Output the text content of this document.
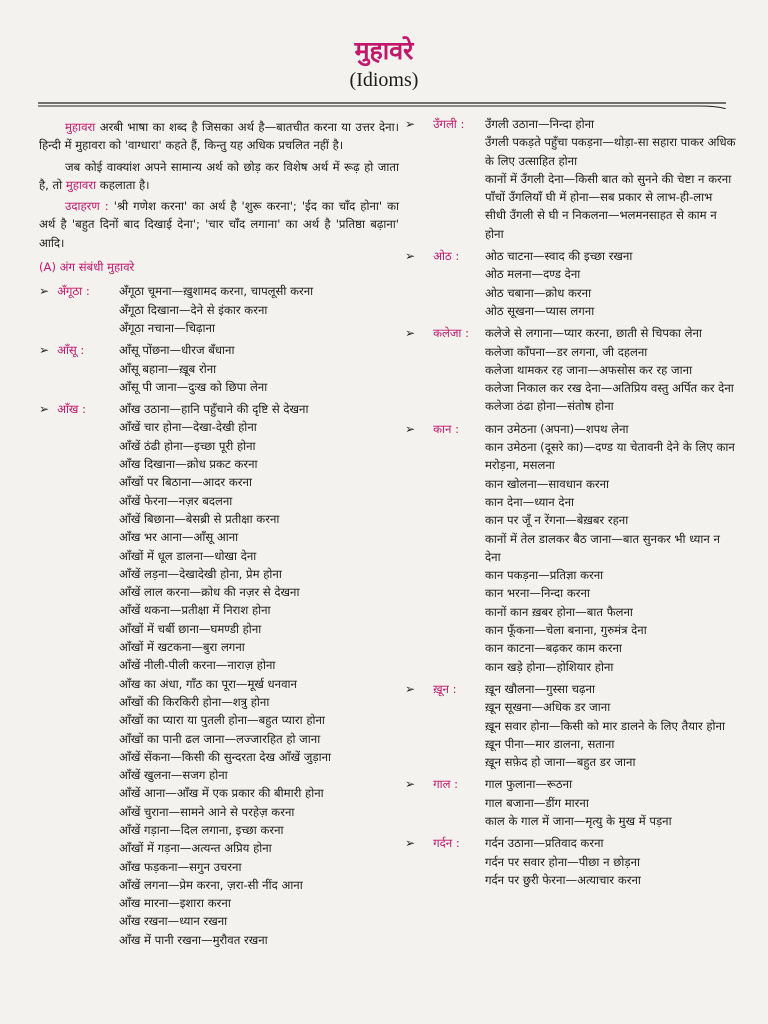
मुहावरे
(Idioms)

मुहावरा अरबी भाषा का शब्द है जिसका अर्थ है—बातचीत करना या उत्तर देना। हिन्दी में मुहावरा को 'वाग्धारा' कहते हैं, किन्तु यह अधिक प्रचलित नहीं है।

जब कोई वाक्यांश अपने सामान्य अर्थ को छोड़ कर विशेष अर्थ में रूढ़ हो जाता है, तो मुहावरा कहलाता है।

उदाहरण : 'श्री गणेश करना' का अर्थ है 'शुरू करना'; 'ईद का चाँद होना' का अर्थ है 'बहुत दिनों बाद दिखाई देना'; 'चार चाँद लगाना' का अर्थ है 'प्रतिष्ठा बढ़ाना' आदि।

(A) अंग संबंधी मुहावरे
➢ अँगूठा :	अँगूठा चूमना—ख़ुशामद करना, चापलूसी करना
अँगूठा दिखाना—देने से इंकार करना
अँगूठा नचाना—चिढ़ाना
➢ आँसू :	आँसू पोंछना—धीरज बँधाना
आँसू बहाना—ख़ूब रोना
आँसू पी जाना—दुःख को छिपा लेना
➢ आँख :	आँख उठाना—हानि पहुँचाने की दृष्टि से देखना
आँखें चार होना—देखा-देखी होना
आँखें ठंढी होना—इच्छा पूरी होना
आँख दिखाना—क्रोध प्रकट करना
आँखों पर बिठाना—आदर करना
आँखें फेरना—नज़र बदलना
आँखें बिछाना—बेसब्री से प्रतीक्षा करना
आँख भर आना—आँसू आना
आँखों में धूल डालना—धोखा देना
आँखें लड़ना—देखादेखी होना, प्रेम होना
आँखें लाल करना—क्रोध की नज़र से देखना
आँखें थकना—प्रतीक्षा में निराश होना
आँखों में चर्बी छाना—घमण्डी होना
आँखों में खटकना—बुरा लगना
आँखें नीली-पीली करना—नाराज़ होना
आँख का अंधा, गाँठ का पूरा—मूर्ख धनवान
आँखों की किरकिरी होना—शत्रु होना
आँखों का प्यारा या पुतली होना—बहुत प्यारा होना
आँखों का पानी ढल जाना—लज्जारहित हो जाना
आँखें सेंकना—किसी की सुन्दरता देख आँखें जुड़ाना
आँखें खुलना—सजग होना
आँखें आना—आँख में एक प्रकार की बीमारी होना
आँखें चुराना—सामने आने से परहेज़ करना
आँखें गड़ाना—दिल लगाना, इच्छा करना
आँखों में गड़ना—अत्यन्त अप्रिय होना
आँख फड़कना—सगुन उचरना
आँखें लगना—प्रेम करना, ज़रा-सी नींद आना
आँख मारना—इशारा करना
आँख रखना—ध्यान रखना
आँख में पानी रखना—मुरौवत रखना
➢ उँगली :	उँगली उठाना—निन्दा होना
उँगली पकड़ते पहुँचा पकड़ना—थोड़ा-सा सहारा पाकर अधिक के लिए उत्साहित होना
कानों में उँगली देना—किसी बात को सुनने की चेष्टा न करना
पाँचों उँगलियाँ घी में होना—सब प्रकार से लाभ-ही-लाभ
सीधी उँगली से घी न निकलना—भलमनसाहत से काम न होना
➢ ओठ :	ओठ चाटना—स्वाद की इच्छा रखना
ओठ मलना—दण्ड देना
ओठ चबाना—क्रोध करना
ओठ सूखना—प्यास लगना
➢ कलेजा :	कलेजे से लगाना—प्यार करना, छाती से चिपका लेना
कलेजा काँपना—डर लगना, जी दहलना
कलेजा थामकर रह जाना—अफसोस कर रह जाना
कलेजा निकाल कर रख देना—अतिप्रिय वस्तु अर्पित कर देना
कलेजा ठंढा होना—संतोष होना
➢ कान :	कान उमेठना (अपना)—शपथ लेना
कान उमेठना (दूसरे का)—दण्ड या चेतावनी देने के लिए कान मरोड़ना, मसलना
कान खोलना—सावधान करना
कान देना—ध्यान देना
कान पर जूँ न रेंगना—बेख़बर रहना
कानों में तेल डालकर बैठ जाना—बात सुनकर भी ध्यान न देना
कान पकड़ना—प्रतिज्ञा करना
कान भरना—निन्दा करना
कानों कान ख़बर होना—बात फैलना
कान फूँकना—चेला बनाना, गुरुमंत्र देना
कान काटना—बढ़कर काम करना
कान खड़े होना—होशियार होना
➢ ख़ून :	ख़ून खौलना—गुस्सा चढ़ना
ख़ून सूखना—अधिक डर जाना
ख़ून सवार होना—किसी को मार डालने के लिए तैयार होना
ख़ून पीना—मार डालना, सताना
ख़ून सफ़ेद हो जाना—बहुत डर जाना
➢ गाल :	गाल फुलाना—रूठना
गाल बजाना—डींग मारना
काल के गाल में जाना—मृत्यु के मुख में पड़ना
➢ गर्दन :	गर्दन उठाना—प्रतिवाद करना
गर्दन पर सवार होना—पीछा न छोड़ना
गर्दन पर छुरी फेरना—अत्याचार करना
